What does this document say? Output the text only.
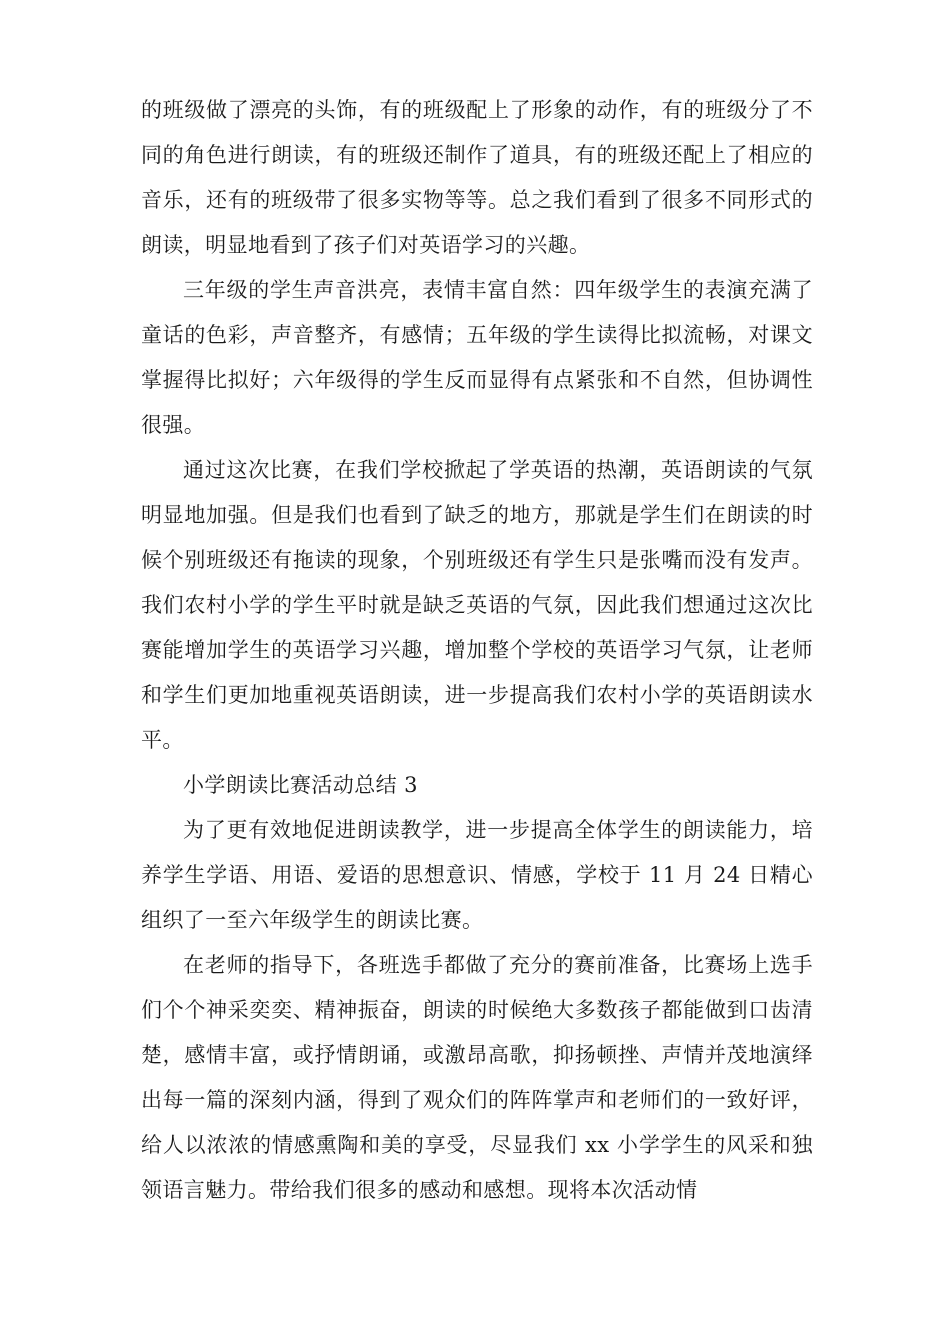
的班级做了漂亮的头饰，有的班级配上了形象的动作，有的班级分了不同的角色进行朗读，有的班级还制作了道具，有的班级还配上了相应的音乐，还有的班级带了很多实物等等。总之我们看到了很多不同形式的朗读，明显地看到了孩子们对英语学习的兴趣。

三年级的学生声音洪亮，表情丰富自然：四年级学生的表演充满了童话的色彩，声音整齐，有感情；五年级的学生读得比拟流畅，对课文掌握得比拟好；六年级得的学生反而显得有点紧张和不自然，但协调性很强。

通过这次比赛，在我们学校掀起了学英语的热潮，英语朗读的气氛明显地加强。但是我们也看到了缺乏的地方，那就是学生们在朗读的时候个别班级还有拖读的现象，个别班级还有学生只是张嘴而没有发声。我们农村小学的学生平时就是缺乏英语的气氛，因此我们想通过这次比赛能增加学生的英语学习兴趣，增加整个学校的英语学习气氛，让老师和学生们更加地重视英语朗读，进一步提高我们农村小学的英语朗读水平。

小学朗读比赛活动总结 3

为了更有效地促进朗读教学，进一步提高全体学生的朗读能力，培养学生学语、用语、爱语的思想意识、情感，学校于 11 月 24 日精心组织了一至六年级学生的朗读比赛。

在老师的指导下，各班选手都做了充分的赛前准备，比赛场上选手们个个神采奕奕、精神振奋，朗读的时候绝大多数孩子都能做到口齿清楚，感情丰富，或抒情朗诵，或激昂高歌，抑扬顿挫、声情并茂地演绎出每一篇的深刻内涵，得到了观众们的阵阵掌声和老师们的一致好评，给人以浓浓的情感熏陶和美的享受，尽显我们 xx 小学学生的风采和独领语言魅力。带给我们很多的感动和感想。现将本次活动情
